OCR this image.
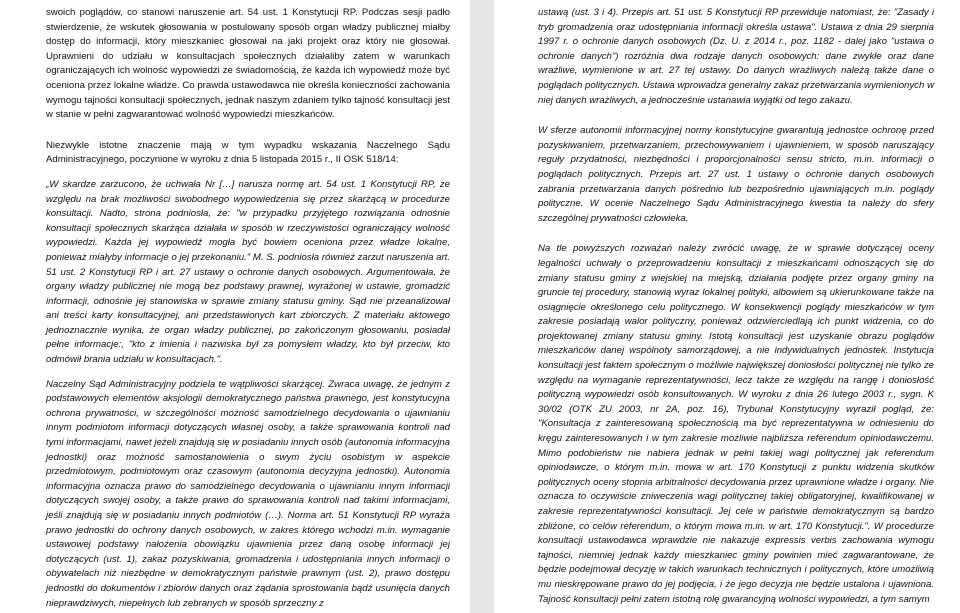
swoich poglądów, co stanowi naruszenie art. 54 ust. 1 Konstytucji RP. Podczas sesji padło stwierdzenie, że wskutek głosowania w postulowany sposób organ władzy publicznej miałby dostęp do informacji, który mieszkaniec głosował na jaki projekt oraz który nie głosował. Uprawnieni do udziału w konsultacjach społecznych działaliby zatem w warunkach ograniczających ich wolność wypowiedzi ze świadomością, że każda ich wypowiedź może być oceniona przez lokalne władze. Co prawda ustawodawca nie określa konieczności zachowania wymogu tajności konsultacji społecznych, jednak naszym zdaniem tylko tajność konsultacji jest w stanie w pełni zagwarantować wolność wypowiedzi mieszkańców.

Niezwykle istotne znaczenie mają w tym wypadku wskazania Naczelnego Sądu Administracyjnego, poczynione w wyroku z dnia 5 listopada 2015 r., II OSK 518/14:

„W skardze zarzucono, że uchwała Nr […] narusza normę art. 54 ust. 1 Konstytucji RP, ze względu na brak możliwości swobodnego wypowiedzenia się przez skarżącą w procedurze konsultacji. Nadto, strona podniosła, że: "w przypadku przyjętego rozwiązania odnośnie konsultacji społecznych skarżąca działała w sposób w rzeczywistości ograniczający wolność wypowiedzi. Każda jej wypowiedź mogła być bowiem oceniona przez władze lokalne, ponieważ miałyby informacje o jej przekonaniu." M. S. podniosła również zarzut naruszenia art. 51 ust. 2 Konstytucji RP i art. 27 ustawy o ochronie danych osobowych. Argumentowała, że organy władzy publicznej nie mogą bez podstawy prawnej, wyrażonej w ustawie, gromadzić informacji, odnośnie jej stanowiska w sprawie zmiany statusu gminy. Sąd nie przeanalizował ani treści karty konsultacyjnej, ani przedstawionych kart zbiorczych. Z materiału aktowego jednoznacznie wynika, że organ władzy publicznej, po zakończonym głosowaniu, posiadał pełne informacje:, "kto z imienia i nazwiska był za pomysłem władzy, kto był przeciw, kto odmówił brania udziału w konsultacjach.".

Naczelny Sąd Administracyjny podziela te wątpliwości skarżącej. Zwraca uwagę, że jednym z podstawowych elementów aksjologii demokratycznego państwa prawnego, jest konstytucyjna ochrona prywatności, w szczególności możność samodzielnego decydowania o ujawnianiu innym podmiotom informacji dotyczących własnej osoby, a także sprawowania kontroli nad tymi informacjami, nawet jeżeli znajdują się w posiadaniu innych osób (autonomia informacyjna jednostki) oraz możność samostanowienia o swym życiu osobistym w aspekcie przedmiotowym, podmiotowym oraz czasowym (autonomia decyzyjna jednostki). Autonomia informacyjna oznacza prawo do samodzielnego decydowania o ujawnianiu innym informacji dotyczących swojej osoby, a także prawo do sprawowania kontroli nad takimi informacjami, jeśli znajdują się w posiadaniu innych podmiotów (…). Norma art. 51 Konstytucji RP wyraża prawo jednostki do ochrony danych osobowych, w zakres którego wchodzi m.in. wymaganie ustawowej podstawy nałożenia obowiązku ujawnienia przez daną osobę informacji jej dotyczących (ust. 1), zakaz pozyskiwania, gromadzenia i udostępniania innych informacji o obywatelach niż niezbędne w demokratycznym państwie prawnym (ust. 2), prawo dostępu jednostki do dokumentów i zbiorów danych oraz żądania sprostowania bądź usunięcia danych nieprawdziwych, niepełnych lub zebranych w sposób sprzeczny z

ustawą (ust. 3 i 4). Przepis art. 51 ust. 5 Konstytucji RP przewiduje natomiast, że: "Zasady i tryb gromadzenia oraz udostępniania informacji określa ustawa". Ustawa z dnia 29 sierpnia 1997 r. o ochronie danych osobowych (Dz. U. z 2014 r., poz. 1182 - dalej jako "ustawa o ochronie danych") rozróżnia dwa rodzaje danych osobowych: dane zwykłe oraz dane wrażliwe, wymienione w art. 27 tej ustawy. Do danych wrażliwych należą także dane o poglądach politycznych. Ustawa wprowadza generalny zakaz przetwarzania wymienionych w niej danych wrażliwych, a jednocześnie ustanawia wyjątki od tego zakazu.

W sferze autonomii informacyjnej normy konstytucyjne gwarantują jednostce ochronę przed pozyskiwaniem, przetwarzaniem, przechowywaniem i ujawnieniem, w sposób naruszający reguły przydatności, niezbędności i proporcjonalności sensu stricto, m.in. informacji o poglądach politycznych. Przepis art. 27 ust. 1 ustawy o ochronie danych osobowych zabrania przetwarzania danych pośrednio lub bezpośrednio ujawniających m.in. poglądy polityczne. W ocenie Naczelnego Sądu Administracyjnego kwestia ta należy do sfery szczególnej prywatności człowieka.

Na tle powyższych rozważań należy zwrócić uwagę, że w sprawie dotyczącej oceny legalności uchwały o przeprowadzeniu konsultacji z mieszkańcami odnoszących się do zmiany statusu gminy z wiejskiej na miejską, działania podjęte przez organy gminy na gruncie tej procedury, stanowią wyraz lokalnej polityki, albowiem są ukierunkowane także na osiągnięcie określonego celu politycznego. W konsekwencji poglądy mieszkańców w tym zakresie posiadają walor polityczny, ponieważ odzwierciedlają ich punkt widzenia, co do projektowanej zmiany statusu gminy. Istotą konsultacji jest uzyskanie obrazu poglądów mieszkańców danej wspólnoty samorządowej, a nie indywidualnych jednostek. Instytucja konsultacji jest faktem społecznym o możliwie największej doniosłości politycznej nie tylko ze względu na wymaganie reprezentatywności, lecz także ze względu na rangę i doniosłość polityczną wypowiedzi osób konsultowanych. W wyroku z dnia 26 lutego 2003 r., sygn. K 30/02 (OTK ZU 2003, nr 2A, poz. 16), Trybunał Konstytucyjny wyraził pogląd, że: "Konsultacja z zainteresowaną społecznością ma być reprezentatywna w odniesieniu do kręgu zainteresowanych i w tym zakresie możliwie najbliższa referendum opiniodawczemu. Mimo podobieństw nie nabiera jednak w pełni takiej wagi politycznej jak referendum opiniodawcze, o którym m.in. mowa w art. 170 Konstytucji z punktu widzenia skutków politycznych oceny stopnia arbitralności decydowania przez uprawnione władze i organy. Nie oznacza to oczywiście zniweczenia wagi politycznej takiej obligatoryjnej, kwalifikowanej w zakresie reprezentatywności konsultacji. Jej cele w państwie demokratycznym są bardzo zbliżone, co celów referendum, o którym mowa m.in. w art. 170 Konstytucji.". W procedurze konsultacji ustawodawca wprawdzie nie nakazuje expressis verbis zachowania wymogu tajności, niemniej jednak każdy mieszkaniec gminy powinien mieć zagwarantowane, że będzie podejmował decyzję w takich warunkach technicznych i politycznych, które umożliwią mu nieskrępowane prawo do jej podjęcia, i że jego decyzja nie będzie ustalona i ujawniona. Tajność konsultacji pełni zatem istotną rolę gwarancyjną wolności wypowiedzi, a tym samym
